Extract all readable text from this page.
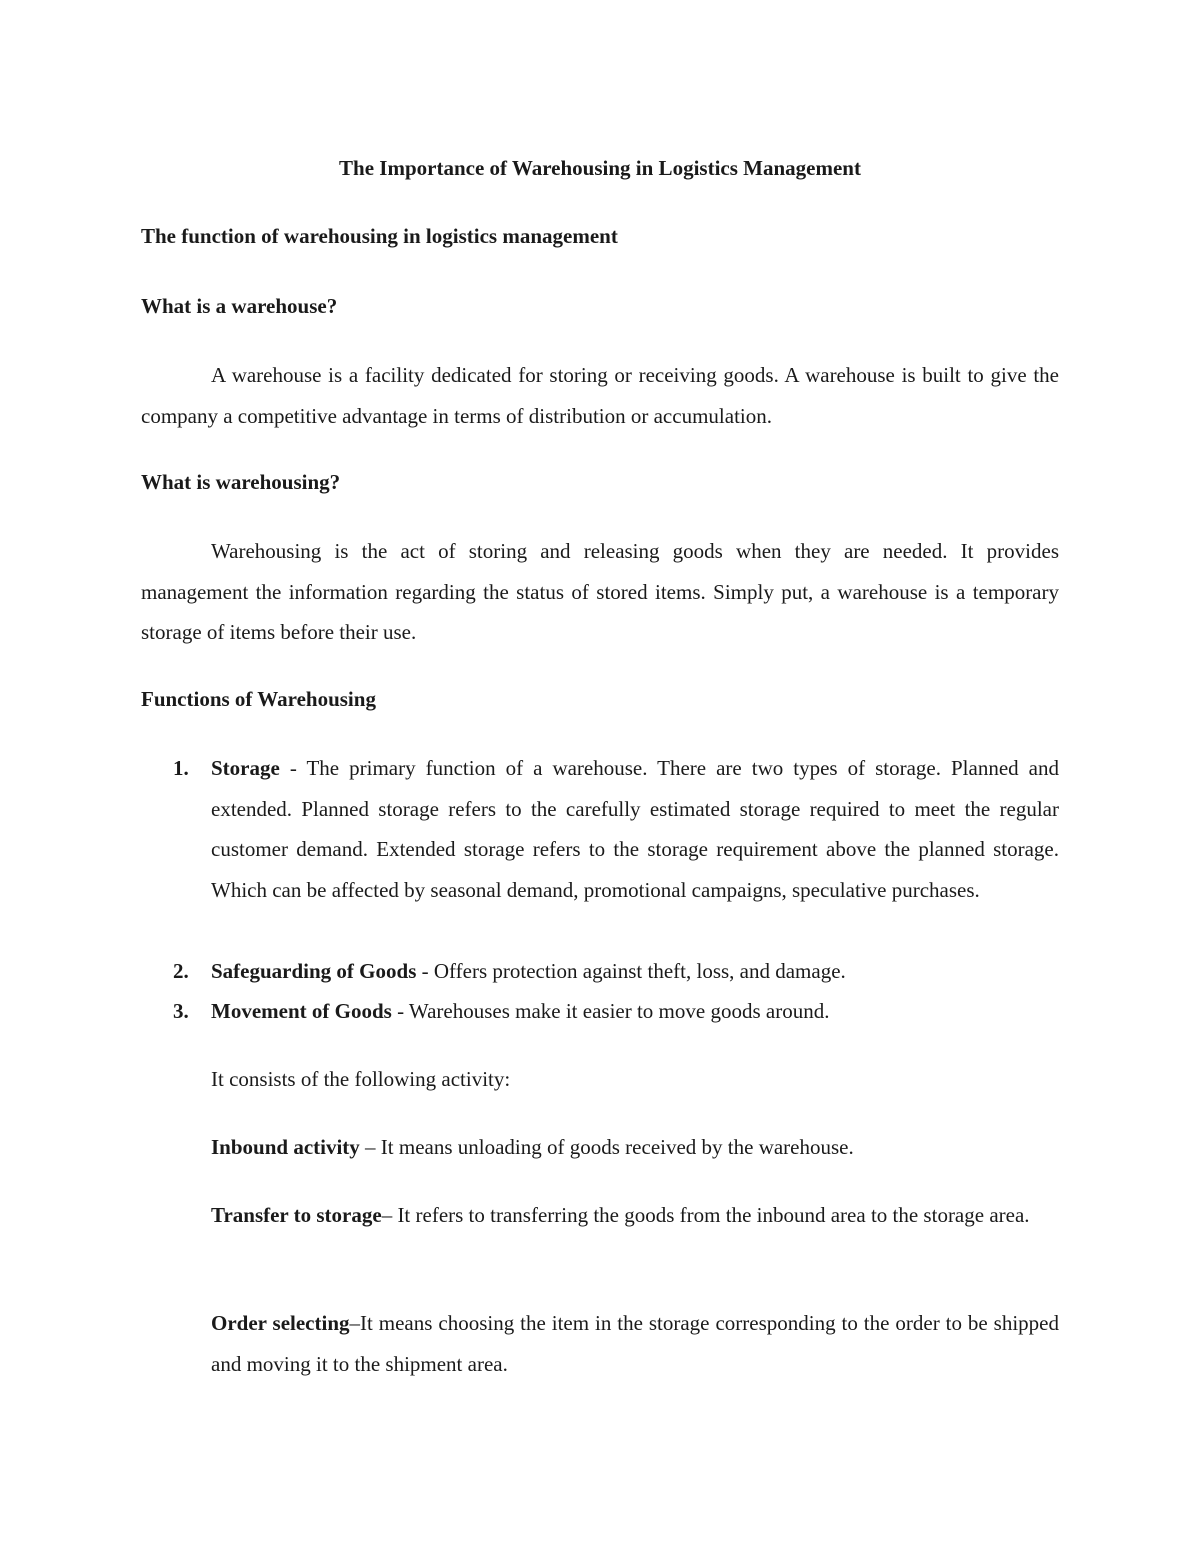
The Importance of Warehousing in Logistics Management
The function of warehousing in logistics management
What is a warehouse?

A warehouse is a facility dedicated for storing or receiving goods. A warehouse is built to give the company a competitive advantage in terms of distribution or accumulation.

What is warehousing?

Warehousing is the act of storing and releasing goods when they are needed. It provides management the information regarding the status of stored items. Simply put, a warehouse is a temporary storage of items before their use.

Functions of Warehousing
1. Storage - The primary function of a warehouse. There are two types of storage. Planned and extended. Planned storage refers to the carefully estimated storage required to meet the regular customer demand. Extended storage refers to the storage requirement above the planned storage. Which can be affected by seasonal demand, promotional campaigns, speculative purchases.
2. Safeguarding of Goods - Offers protection against theft, loss, and damage.
3. Movement of Goods - Warehouses make it easier to move goods around.

It consists of the following activity:

Inbound activity – It means unloading of goods received by the warehouse.

Transfer to storage– It refers to transferring the goods from the inbound area to the storage area.

Order selecting–It means choosing the item in the storage corresponding to the order to be shipped and moving it to the shipment area.
